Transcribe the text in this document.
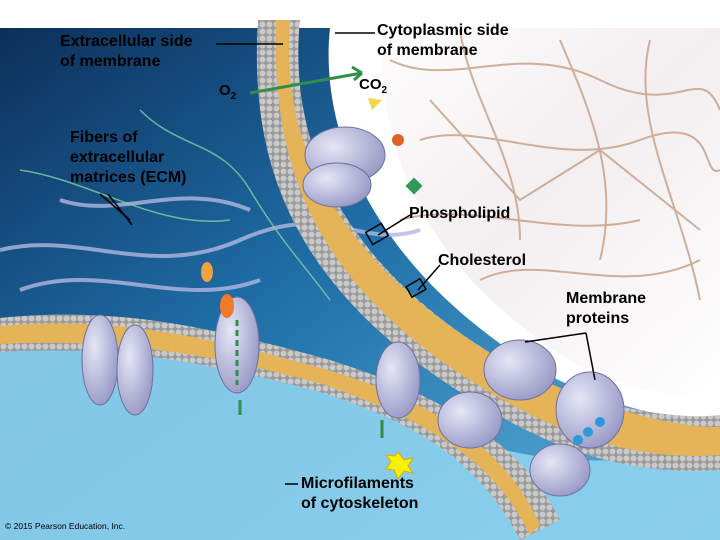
Cytoplasmic side
of membrane
Extracellular side
of membrane
$O_2$
$CO_2$
Fibers of
extracellular
matrices (ECM)
Phospholipid
Cholesterol
Membrane
proteins
Microfilaments
of cytoskeleton
© 2015 Pearson Education, Inc.
